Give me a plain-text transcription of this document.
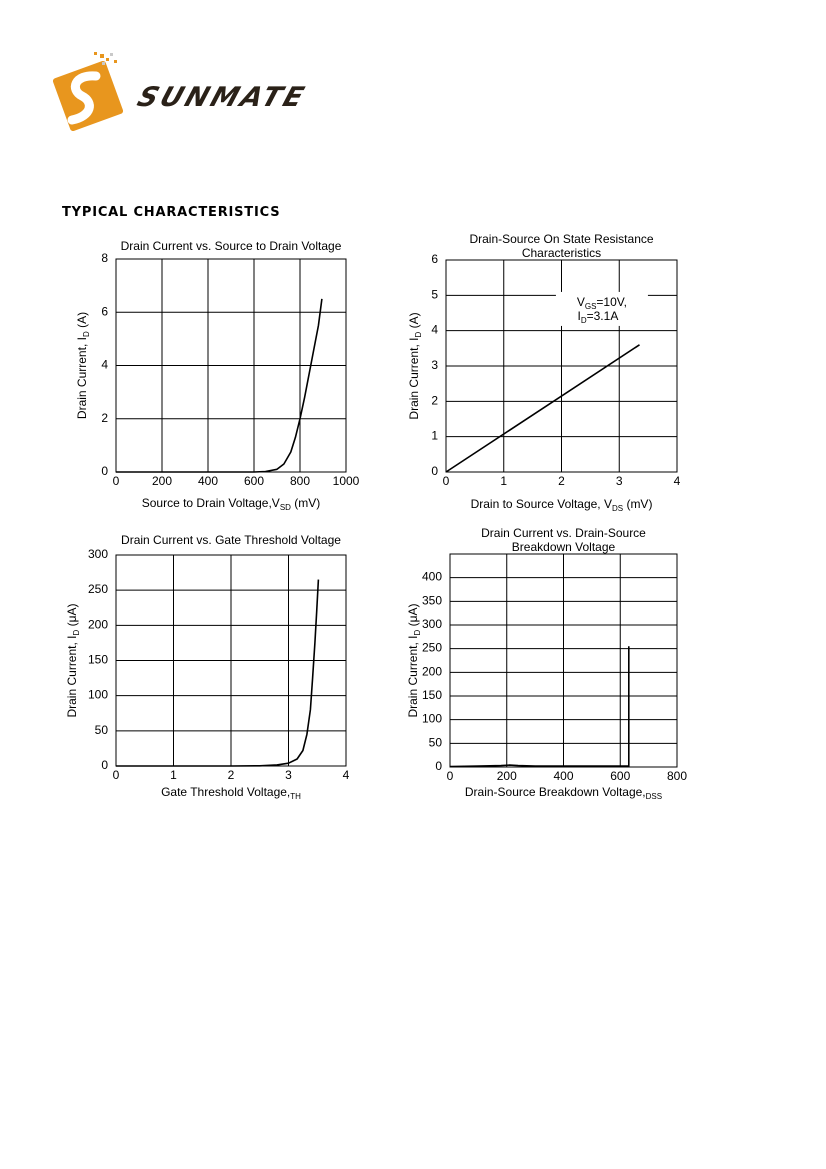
SUNMATE
TYPICAL CHARACTERISTICS
Drain Current vs. Source to Drain Voltage
0	200 400 600 800 1000
0
2
4
6
8
Source to Drain $Voltage,V_{SD}$ (mV)
Drain Current, $I_D$ (A)
Drain-Source On State Resistance
Characteristics
0	1	2	3	4
0
1
2
3
4
5
6
Drain to Source Voltage, $V_{DS}$ (mV)
Drain Current, $I_D$ (A)
$V_{GS}=10V$,
$I_D=3.1A$
Drain Current vs. Gate Threshold Voltage
0	1	2	3	4
0
50
100
150
200
250
300
Gate Threshold $Voltage,_{TH}$
Drain Current, $I_D$ (μA)
Drain Current vs. Drain-Source
Breakdown Voltage
0	200	400	600	800
0
50
100
150
200
250
300
350
400
Drain-Source Breakdown $Voltage,_{DSS}$
Drain Current, $I_D$ (μA)
